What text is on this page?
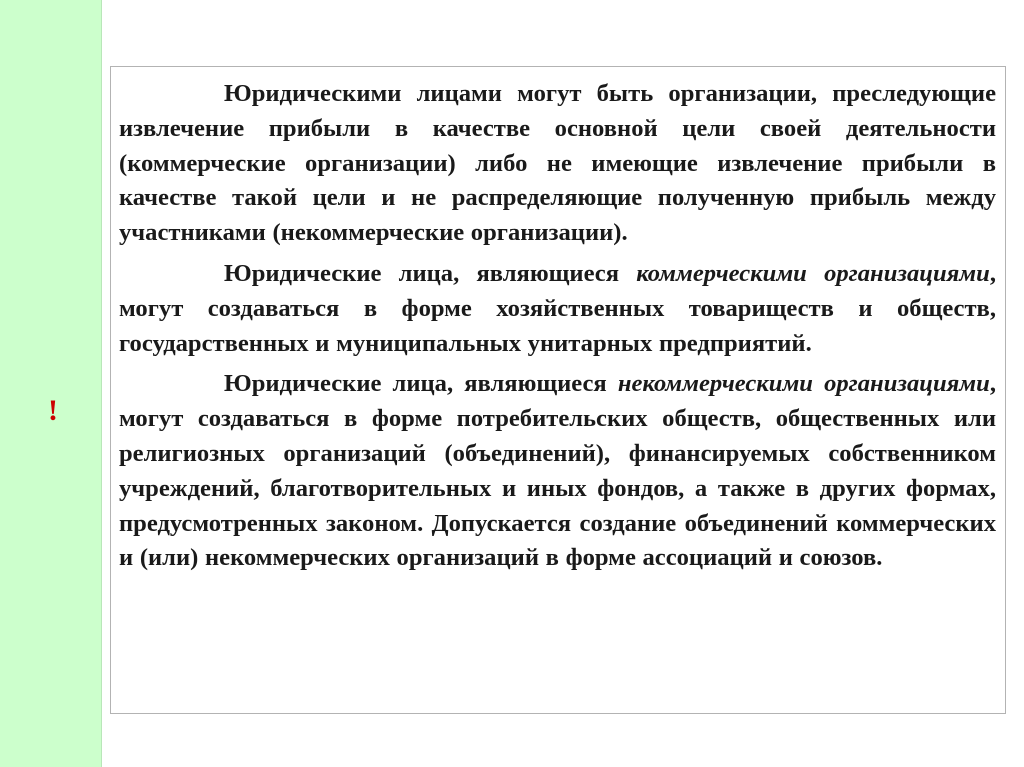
!

Юридическими лицами могут быть организации, преследующие извлечение прибыли в качестве основной цели своей деятельности (коммерческие организации) либо не имеющие извлечение прибыли в качестве такой цели и не распределяющие полученную прибыль между участниками (некоммерческие организации).

Юридические лица, являющиеся коммерческими организациями, могут создаваться в форме хозяйственных товариществ и обществ, государственных и муниципальных унитарных предприятий.

Юридические лица, являющиеся некоммерческими организациями, могут создаваться в форме потребительских обществ, общественных или религиозных организаций (объединений), финансируемых собственником учреждений, благотворительных и иных фондов, а также в других формах, предусмотренных законом. Допускается создание объединений коммерческих и (или) некоммерческих организаций в форме ассоциаций и союзов.
